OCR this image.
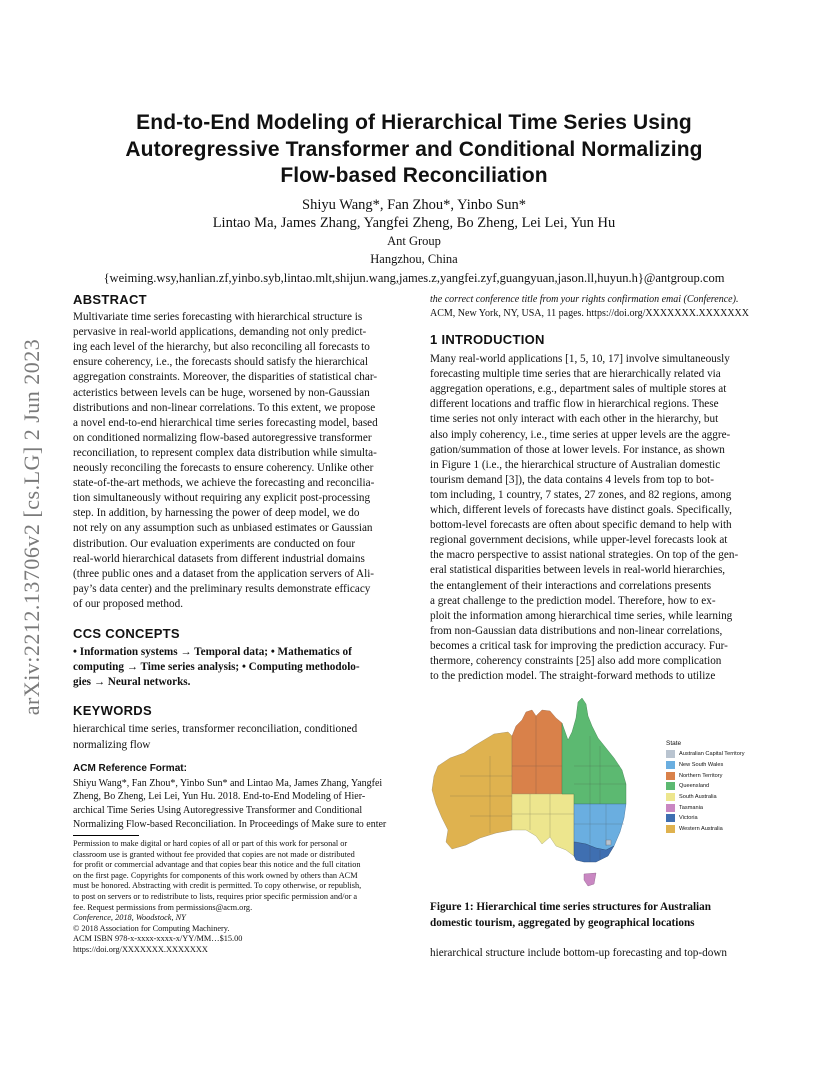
End-to-End Modeling of Hierarchical Time Series Using
Autoregressive Transformer and Conditional Normalizing
Flow-based Reconciliation
Shiyu Wang*, Fan Zhou*, Yinbo Sun*
Lintao Ma, James Zhang, Yangfei Zheng, Bo Zheng, Lei Lei, Yun Hu
Ant Group
Hangzhou, China
{weiming.wsy,hanlian.zf,yinbo.syb,lintao.mlt,shijun.wang,james.z,yangfei.zyf,guangyuan,jason.ll,huyun.h}@antgroup.com
arXiv:2212.13706v2 [cs.LG] 2 Jun 2023
ABSTRACT

Multivariate time series forecasting with hierarchical structure is

pervasive in real-world applications, demanding not only predict-

ing each level of the hierarchy, but also reconciling all forecasts to

ensure coherency, i.e., the forecasts should satisfy the hierarchical

aggregation constraints. Moreover, the disparities of statistical char-

acteristics between levels can be huge, worsened by non-Gaussian

distributions and non-linear correlations. To this extent, we propose

a novel end-to-end hierarchical time series forecasting model, based

on conditioned normalizing flow-based autoregressive transformer

reconciliation, to represent complex data distribution while simulta-

neously reconciling the forecasts to ensure coherency. Unlike other

state-of-the-art methods, we achieve the forecasting and reconcilia-

tion simultaneously without requiring any explicit post-processing

step. In addition, by harnessing the power of deep model, we do

not rely on any assumption such as unbiased estimates or Gaussian

distribution. Our evaluation experiments are conducted on four

real-world hierarchical datasets from different industrial domains

(three public ones and a dataset from the application servers of Ali-

pay’s data center) and the preliminary results demonstrate efficacy

of our proposed method.

CCS CONCEPTS

• Information systems → Temporal data; • Mathematics of

computing → Time series analysis; • Computing methodolo-

gies → Neural networks.

KEYWORDS

hierarchical time series, transformer reconciliation, conditioned

normalizing flow

ACM Reference Format:

Shiyu Wang*, Fan Zhou*, Yinbo Sun* and Lintao Ma, James Zhang, Yangfei

Zheng, Bo Zheng, Lei Lei, Yun Hu. 2018. End-to-End Modeling of Hier-

archical Time Series Using Autoregressive Transformer and Conditional

Normalizing Flow-based Reconciliation. In Proceedings of Make sure to enter

Permission to make digital or hard copies of all or part of this work for personal or
classroom use is granted without fee provided that copies are not made or distributed
for profit or commercial advantage and that copies bear this notice and the full citation
on the first page. Copyrights for components of this work owned by others than ACM
must be honored. Abstracting with credit is permitted. To copy otherwise, or republish,
to post on servers or to redistribute to lists, requires prior specific permission and/or a
fee. Request permissions from permissions@acm.org.
Conference, 2018, Woodstock, NY
© 2018 Association for Computing Machinery.
ACM ISBN 978-x-xxxx-xxxx-x/YY/MM…$15.00
https://doi.org/XXXXXXX.XXXXXXX

the correct conference title from your rights confirmation emai (Conference).

ACM, New York, NY, USA, 11 pages. https://doi.org/XXXXXXX.XXXXXXX

1 INTRODUCTION

Many real-world applications [1, 5, 10, 17] involve simultaneously

forecasting multiple time series that are hierarchically related via

aggregation operations, e.g., department sales of multiple stores at

different locations and traffic flow in hierarchical regions. These

time series not only interact with each other in the hierarchy, but

also imply coherency, i.e., time series at upper levels are the aggre-

gation/summation of those at lower levels. For instance, as shown

in Figure 1 (i.e., the hierarchical structure of Australian domestic

tourism demand [3]), the data contains 4 levels from top to bot-

tom including, 1 country, 7 states, 27 zones, and 82 regions, among

which, different levels of forecasts have distinct goals. Specifically,

bottom-level forecasts are often about specific demand to help with

regional government decisions, while upper-level forecasts look at

the macro perspective to assist national strategies. On top of the gen-

eral statistical disparities between levels in real-world hierarchies,

the entanglement of their interactions and correlations presents

a great challenge to the prediction model. Therefore, how to ex-

ploit the information among hierarchical time series, while learning

from non-Gaussian data distributions and non-linear correlations,

becomes a critical task for improving the prediction accuracy. Fur-

thermore, coherency constraints [25] also add more complication

to the prediction model. The straight-forward methods to utilize

State
Australian Capital Territory
New South Wales
Northern Territory
Queensland
South Australia
Tasmania
Victoria
Western Australia
Figure 1: Hierarchical time series structures for Australian
domestic tourism, aggregated by geographical locations

hierarchical structure include bottom-up forecasting and top-down
